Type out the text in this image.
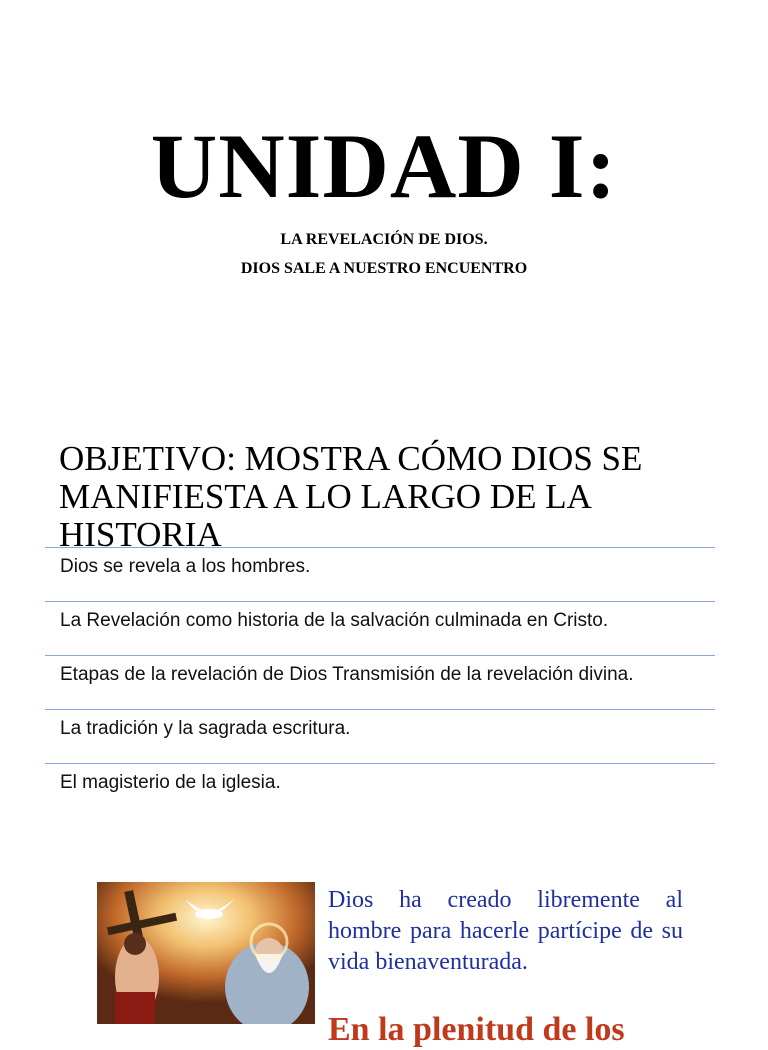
UNIDAD I:
LA REVELACIÓN DE DIOS.
DIOS SALE A NUESTRO ENCUENTRO
OBJETIVO: MOSTRA CÓMO DIOS SE MANIFIESTA A LO LARGO DE LA HISTORIA
Dios se revela a los hombres.
La Revelación como historia de la salvación culminada en Cristo.
Etapas de la revelación de Dios Transmisión de la revelación divina.
La tradición y la sagrada escritura.
El magisterio de la iglesia.
Dios ha creado libremente al hombre para hacerle partícipe de su vida bienaventurada.
En la plenitud de los
